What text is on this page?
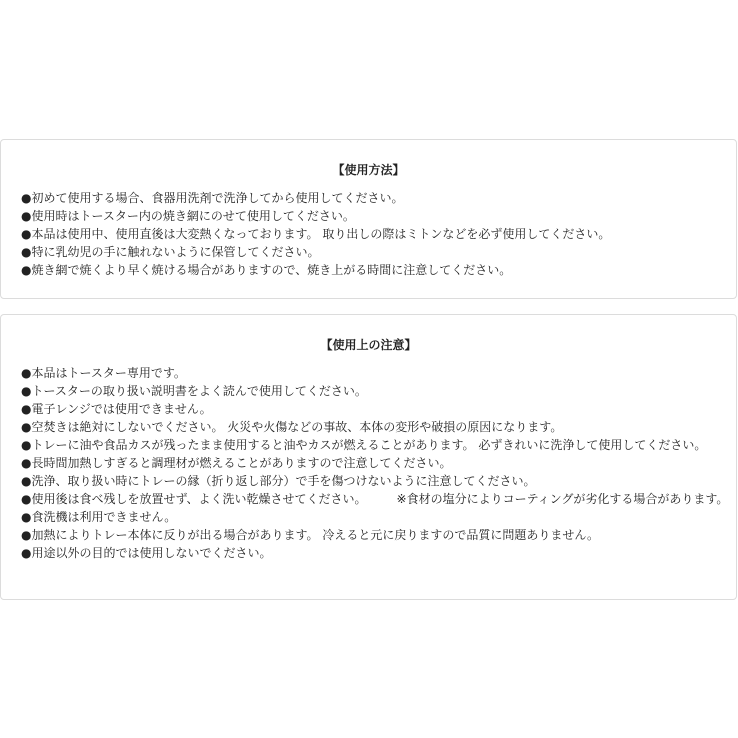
【使用方法】
●初めて使用する場合、食器用洗剤で洗浄してから使用してください。
●使用時はトースター内の焼き網にのせて使用してください。
●本品は使用中、使用直後は大変熱くなっております。 取り出しの際はミトンなどを必ず使用してください。
●特に乳幼児の手に触れないように保管してください。
●焼き網で焼くより早く焼ける場合がありますので、焼き上がる時間に注意してください。
【使用上の注意】
●本品はトースター専用です。
●トースターの取り扱い説明書をよく読んで使用してください。
●電子レンジでは使用できません。
●空焚きは絶対にしないでください。 火災や火傷などの事故、本体の変形や破損の原因になります。
●トレーに油や食品カスが残ったまま使用すると油やカスが燃えることがあります。 必ずきれいに洗浄して使用してください。
●長時間加熱しすぎると調理材が燃えることがありますので注意してください。
●洗浄、取り扱い時にトレーの縁（折り返し部分）で手を傷つけないように注意してください。
●使用後は食べ残しを放置せず、よく洗い乾燥させてください。　　　※食材の塩分によりコーティングが劣化する場合があります。
●食洗機は利用できません。
●加熱によりトレー本体に反りが出る場合があります。 冷えると元に戻りますので品質に問題ありません。
●用途以外の目的では使用しないでください。
